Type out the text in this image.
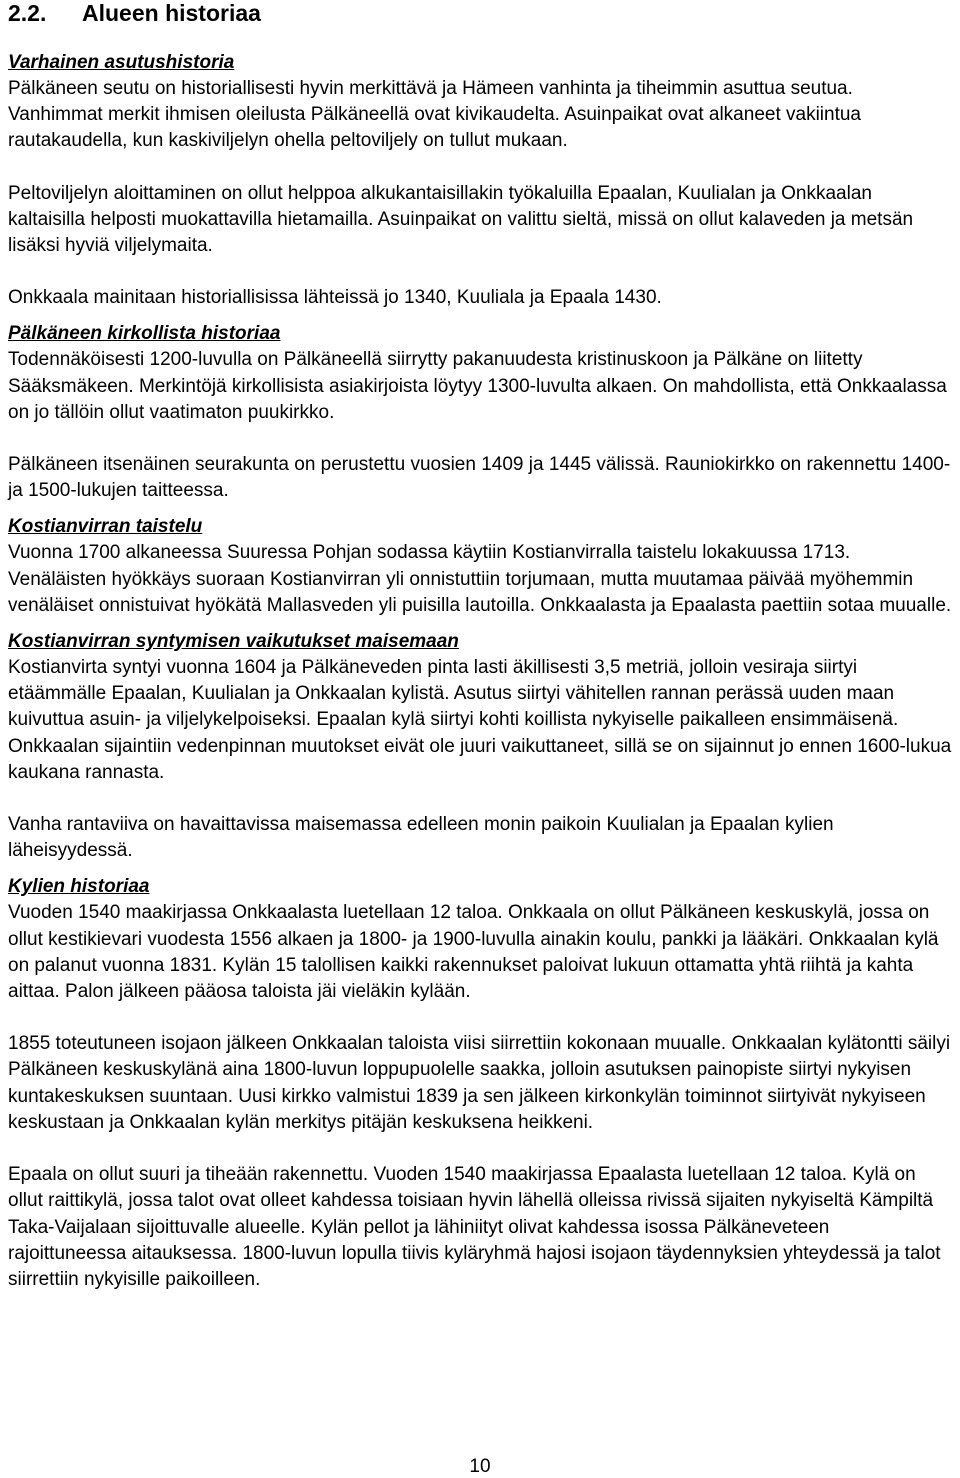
2.2. Alueen historiaa
Varhainen asutushistoria

Pälkäneen seutu on historiallisesti hyvin merkittävä ja Hämeen vanhinta ja tiheimmin asuttua seutua. Vanhimmat merkit ihmisen oleilusta Pälkäneellä ovat kivikaudelta. Asuinpaikat ovat alkaneet vakiintua rautakaudella, kun kaskiviljelyn ohella peltoviljely on tullut mukaan.

Peltoviljelyn aloittaminen on ollut helppoa alkukantaisillakin työkaluilla Epaalan, Kuulialan ja Onkkaalan kaltaisilla helposti muokattavilla hietamailla. Asuinpaikat on valittu sieltä, missä on ollut kalaveden ja metsän lisäksi hyviä viljelymaita.

Onkkaala mainitaan historiallisissa lähteissä jo 1340, Kuuliala ja Epaala 1430.

Pälkäneen kirkollista historiaa

Todennäköisesti 1200-luvulla on Pälkäneellä siirrytty pakanuudesta kristinuskoon ja Pälkäne on liitetty Sääksmäkeen. Merkintöjä kirkollisista asiakirjoista löytyy 1300-luvulta alkaen. On mahdollista, että Onkkaalassa on jo tällöin ollut vaatimaton puukirkko.

Pälkäneen itsenäinen seurakunta on perustettu vuosien 1409 ja 1445 välissä. Rauniokirkko on rakennettu 1400- ja 1500-lukujen taitteessa.

Kostianvirran taistelu

Vuonna 1700 alkaneessa Suuressa Pohjan sodassa käytiin Kostianvirralla taistelu lokakuussa 1713. Venäläisten hyökkäys suoraan Kostianvirran yli onnistuttiin torjumaan, mutta muutamaa päivää myöhemmin venäläiset onnistuivat hyökätä Mallasveden yli puisilla lautoilla. Onkkaalasta ja Epaalasta paettiin sotaa muualle.

Kostianvirran syntymisen vaikutukset maisemaan

Kostianvirta syntyi vuonna 1604 ja Pälkäneveden pinta lasti äkillisesti 3,5 metriä, jolloin vesiraja siirtyi etäämmälle Epaalan, Kuulialan ja Onkkaalan kylistä. Asutus siirtyi vähitellen rannan perässä uuden maan kuivuttua asuin- ja viljelykelpoiseksi. Epaalan kylä siirtyi kohti koillista nykyiselle paikalleen ensimmäisenä. Onkkaalan sijaintiin vedenpinnan muutokset eivät ole juuri vaikuttaneet, sillä se on sijainnut jo ennen 1600-lukua kaukana rannasta.

Vanha rantaviiva on havaittavissa maisemassa edelleen monin paikoin Kuulialan ja Epaalan kylien läheisyydessä.

Kylien historiaa

Vuoden 1540 maakirjassa Onkkaalasta luetellaan 12 taloa. Onkkaala on ollut Pälkäneen keskuskylä, jossa on ollut kestikievari vuodesta 1556 alkaen ja 1800- ja 1900-luvulla ainakin koulu, pankki ja lääkäri. Onkkaalan kylä on palanut vuonna 1831. Kylän 15 talollisen kaikki rakennukset paloivat lukuun ottamatta yhtä riihtä ja kahta aittaa. Palon jälkeen pääosa taloista jäi vieläkin kylään.

1855 toteutuneen isojaon jälkeen Onkkaalan taloista viisi siirrettiin kokonaan muualle. Onkkaalan kylätontti säilyi Pälkäneen keskuskylänä aina 1800-luvun loppupuolelle saakka, jolloin asutuksen painopiste siirtyi nykyisen kuntakeskuksen suuntaan. Uusi kirkko valmistui 1839 ja sen jälkeen kirkonkylän toiminnot siirtyivät nykyiseen keskustaan ja Onkkaalan kylän merkitys pitäjän keskuksena heikkeni.

Epaala on ollut suuri ja tiheään rakennettu. Vuoden 1540 maakirjassa Epaalasta luetellaan 12 taloa. Kylä on ollut raittikylä, jossa talot ovat olleet kahdessa toisiaan hyvin lähellä olleissa rivissä sijaiten nykyiseltä Kämpiltä Taka-Vaijalaan sijoittuvalle alueelle. Kylän pellot ja lähiniityt olivat kahdessa isossa Pälkäneveteen rajoittuneessa aitauksessa. 1800-luvun lopulla tiivis kyläryhmä hajosi isojaon täydennyksien yhteydessä ja talot siirrettiin nykyisille paikoilleen.

10
